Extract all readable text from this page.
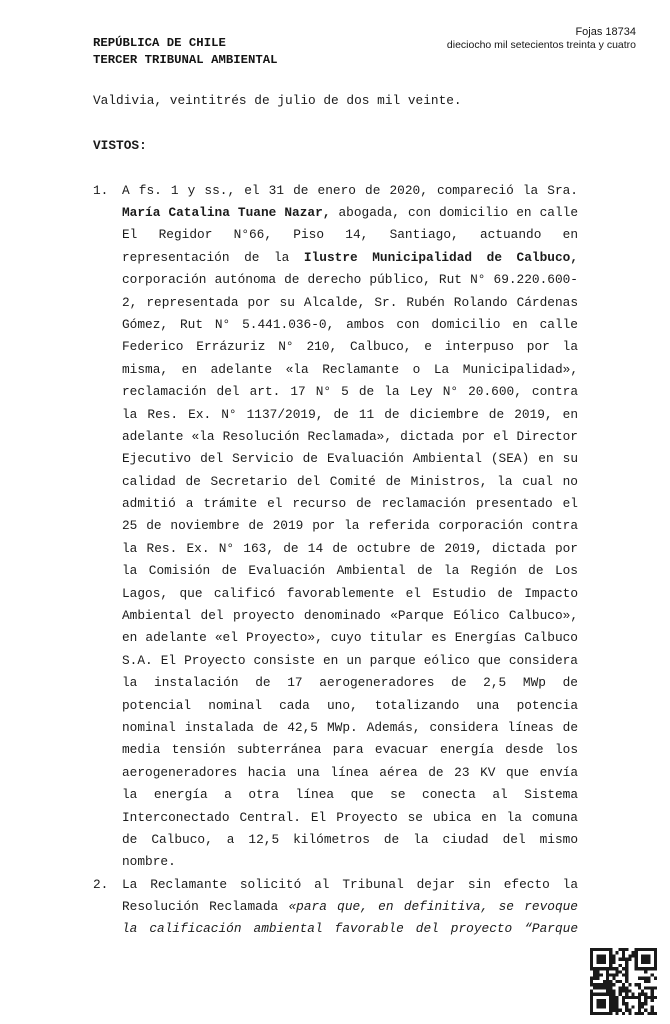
Fojas 18734
dieciocho mil setecientos treinta y cuatro
REPÚBLICA DE CHILE
TERCER TRIBUNAL AMBIENTAL
Valdivia, veintitrés de julio de dos mil veinte.
VISTOS:
1.	A fs. 1 y ss., el 31 de enero de 2020, compareció la Sra.
María Catalina Tuane Nazar, abogada, con domicilio en calle
El Regidor N°66, Piso 14, Santiago, actuando en
representación de la Ilustre Municipalidad de Calbuco,
corporación autónoma de derecho público, Rut N° 69.220.600-
2, representada por su Alcalde, Sr. Rubén Rolando Cárdenas
Gómez, Rut N° 5.441.036-0, ambos con domicilio en calle
Federico Errázuriz N° 210, Calbuco, e interpuso por la
misma, en adelante «la Reclamante o La Municipalidad»,
reclamación del art. 17 N° 5 de la Ley N° 20.600, contra
la Res. Ex. N° 1137/2019, de 11 de diciembre de 2019, en
adelante «la Resolución Reclamada», dictada por el Director
Ejecutivo del Servicio de Evaluación Ambiental (SEA) en su
calidad de Secretario del Comité de Ministros, la cual no
admitió a trámite el recurso de reclamación presentado el
25 de noviembre de 2019 por la referida corporación contra
la Res. Ex. N° 163, de 14 de octubre de 2019, dictada por
la Comisión de Evaluación Ambiental de la Región de Los
Lagos, que calificó favorablemente el Estudio de Impacto
Ambiental del proyecto denominado «Parque Eólico Calbuco»,
en adelante «el Proyecto», cuyo titular es Energías Calbuco
S.A. El Proyecto consiste en un parque eólico que considera
la instalación de 17 aerogeneradores de 2,5 MWp de
potencial nominal cada uno, totalizando una potencia
nominal instalada de 42,5 MWp. Además, considera líneas de
media tensión subterránea para evacuar energía desde los
aerogeneradores hacia una línea aérea de 23 KV que envía
la energía a otra línea que se conecta al Sistema
Interconectado Central. El Proyecto se ubica en la comuna
de Calbuco, a 12,5 kilómetros de la ciudad del mismo
nombre.
2.	La Reclamante solicitó al Tribunal dejar sin efecto la
Resolución Reclamada «para que, en definitiva, se revoque
la calificación ambiental favorable del proyecto “Parque
